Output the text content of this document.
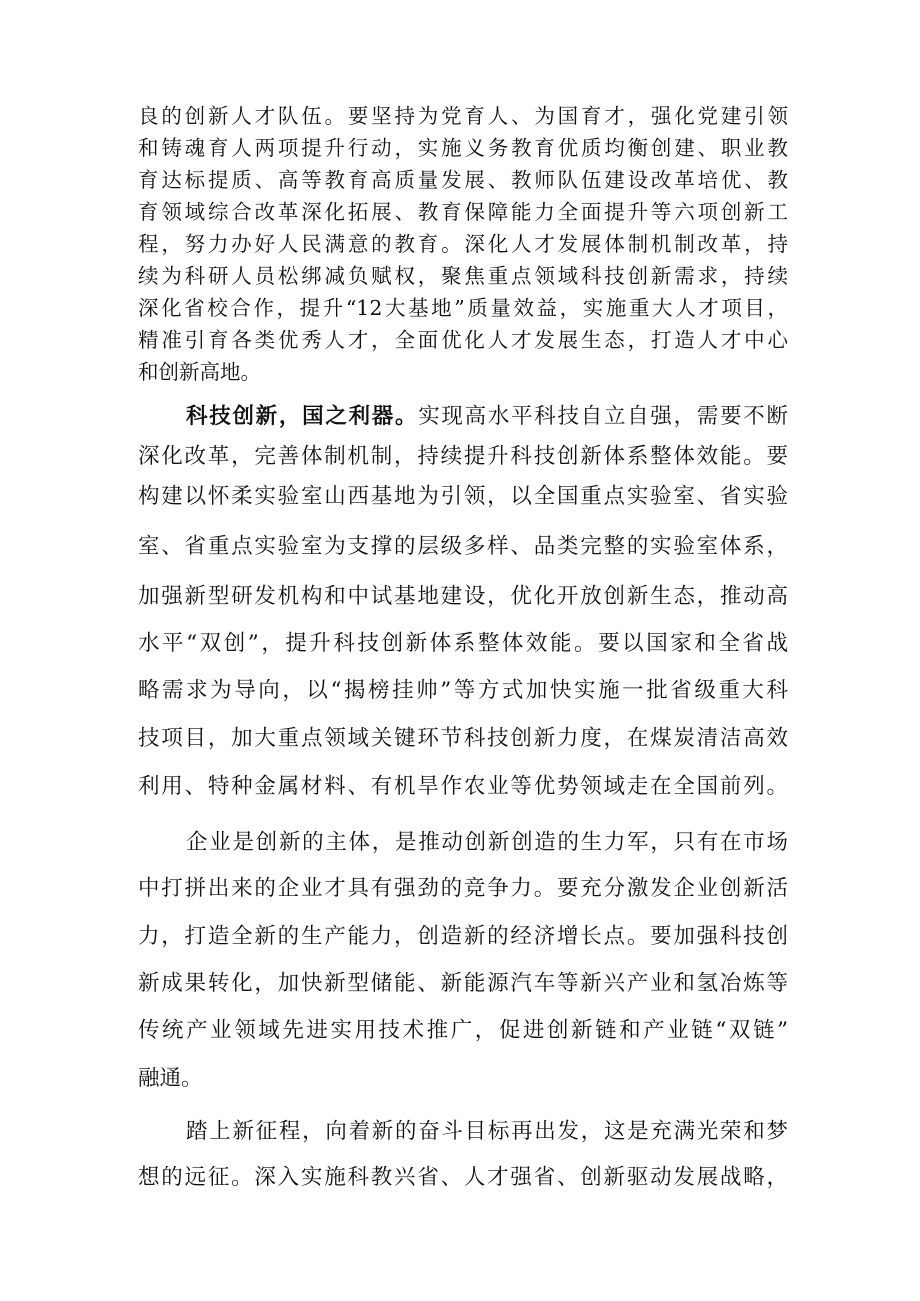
良的创新人才队伍。要坚持为党育人、为国育才，强化党建引领
和铸魂育人两项提升行动，实施义务教育优质均衡创建、职业教
育达标提质、高等教育高质量发展、教师队伍建设改革培优、教
育领域综合改革深化拓展、教育保障能力全面提升等六项创新工
程，努力办好人民满意的教育。深化人才发展体制机制改革，持
续为科研人员松绑减负赋权，聚焦重点领域科技创新需求，持续
深化省校合作，提升“12大基地”质量效益，实施重大人才项目，
精准引育各类优秀人才，全面优化人才发展生态，打造人才中心
和创新高地。
科技创新，国之利器。实现高水平科技自立自强，需要不断
深化改革，完善体制机制，持续提升科技创新体系整体效能。要
构建以怀柔实验室山西基地为引领，以全国重点实验室、省实验
室、省重点实验室为支撑的层级多样、品类完整的实验室体系，
加强新型研发机构和中试基地建设，优化开放创新生态，推动高
水平“双创”，提升科技创新体系整体效能。要以国家和全省战
略需求为导向，以“揭榜挂帅”等方式加快实施一批省级重大科
技项目，加大重点领域关键环节科技创新力度，在煤炭清洁高效
利用、特种金属材料、有机旱作农业等优势领域走在全国前列。
企业是创新的主体，是推动创新创造的生力军，只有在市场
中打拼出来的企业才具有强劲的竞争力。要充分激发企业创新活
力，打造全新的生产能力，创造新的经济增长点。要加强科技创
新成果转化，加快新型储能、新能源汽车等新兴产业和氢冶炼等
传统产业领域先进实用技术推广，促进创新链和产业链“双链”
融通。
踏上新征程，向着新的奋斗目标再出发，这是充满光荣和梦
想的远征。深入实施科教兴省、人才强省、创新驱动发展战略，
